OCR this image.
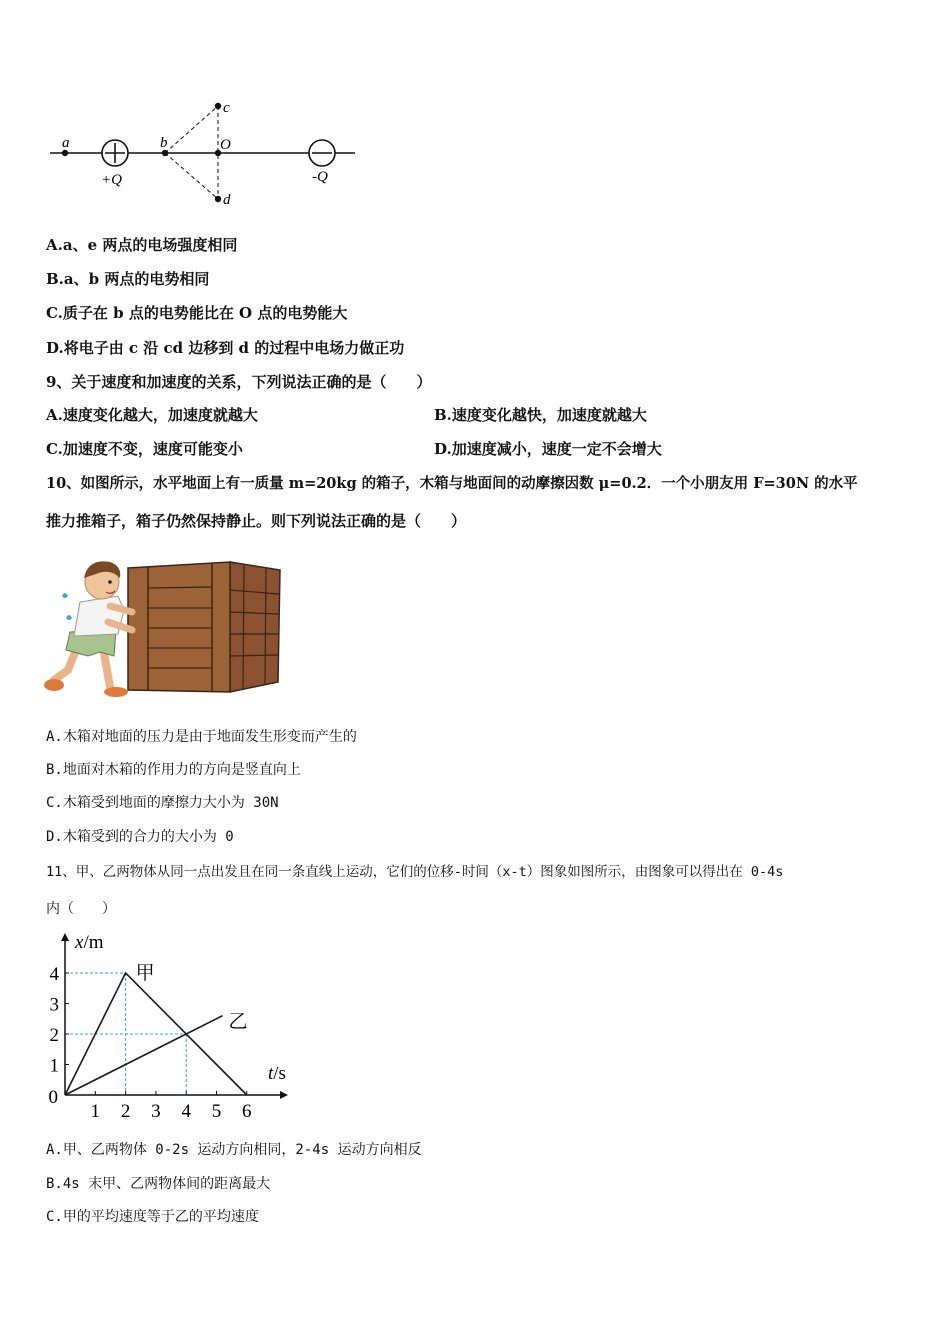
a	b	O
c
d
+Q	-Q
A.a、e 两点的电场强度相同
B.a、b 两点的电势相同
C.质子在 b 点的电势能比在 O 点的电势能大
D.将电子由 c 沿 cd 边移到 d 的过程中电场力做正功
9、关于速度和加速度的关系，下列说法正确的是（　　）
A.速度变化越大，加速度就越大	B.速度变化越快，加速度就越大
C.加速度不变，速度可能变小	D.加速度减小，速度一定不会增大
10、如图所示，水平地面上有一质量 m=20kg 的箱子，木箱与地面间的动摩擦因数 μ=0.2．一个小朋友用 F=30N 的水平
推力推箱子，箱子仍然保持静止。则下列说法正确的是（　　）
A.木箱对地面的压力是由于地面发生形变而产生的
B.地面对木箱的作用力的方向是竖直向上
C.木箱受到地面的摩擦力大小为 30N
D.木箱受到的合力的大小为 0
11、甲、乙两物体从同一点出发且在同一条直线上运动，它们的位移-时间（x-t）图象如图所示，由图象可以得出在 0-4s
内（　　）
1 2 3 4 5 6
1
2
3
4
0
x/m
t/s
甲
乙
A.甲、乙两物体 0-2s 运动方向相同，2-4s 运动方向相反
B.4s 末甲、乙两物体间的距离最大
C.甲的平均速度等于乙的平均速度
